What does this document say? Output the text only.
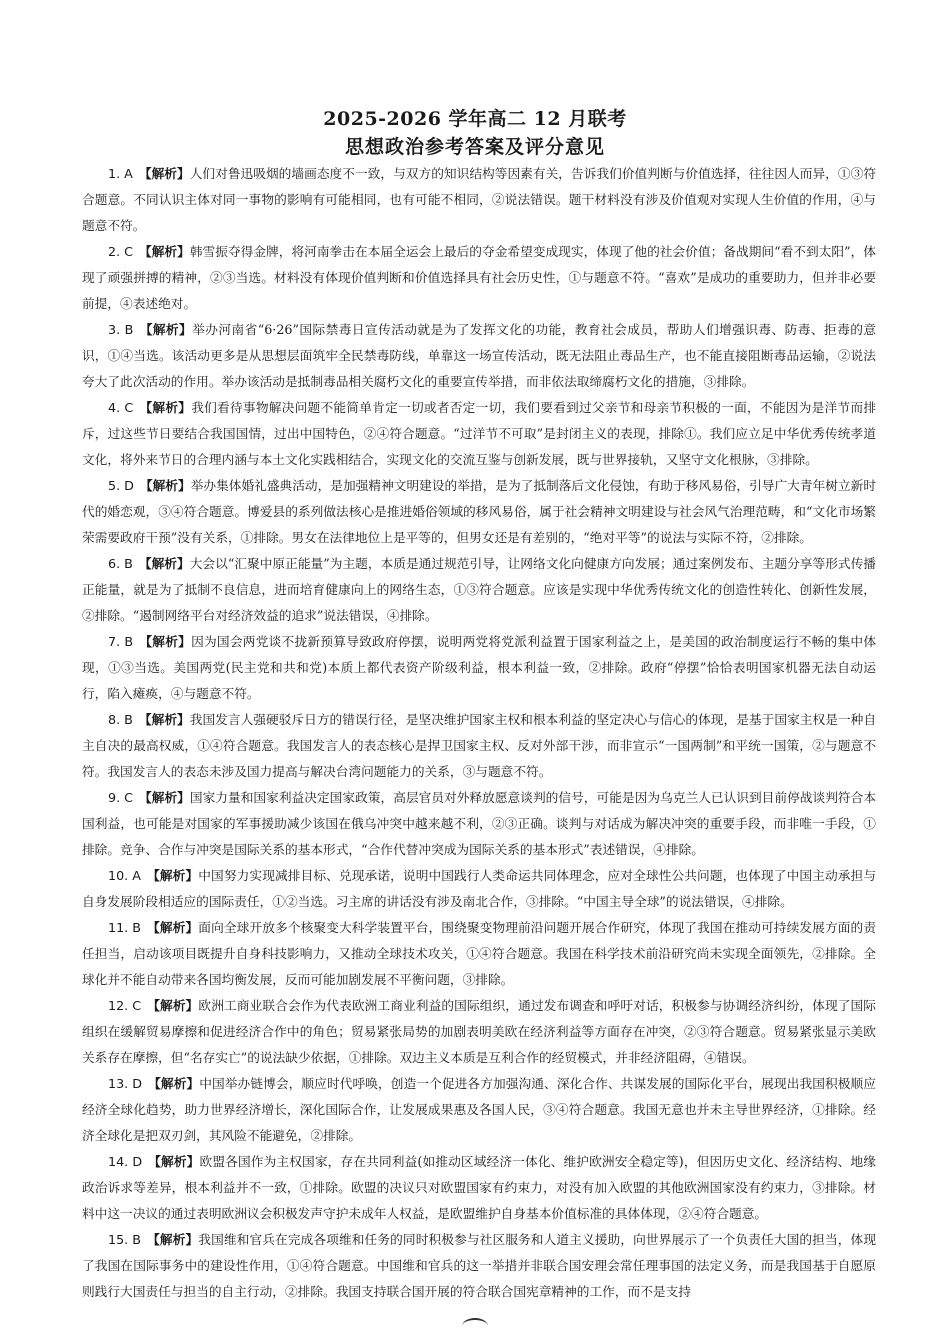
2025-2026 学年高二 12 月联考
思想政治参考答案及评分意见

1. A 【解析】人们对鲁迅吸烟的墙画态度不一致，与双方的知识结构等因素有关，告诉我们价值判断与价值选择，往往因人而异，①③符合题意。不同认识主体对同一事物的影响有可能相同，也有可能不相同，②说法错误。题干材料没有涉及价值观对实现人生价值的作用，④与题意不符。

2. C 【解析】韩雪振夺得金牌，将河南拳击在本届全运会上最后的夺金希望变成现实，体现了他的社会价值；备战期间“看不到太阳”，体现了顽强拼搏的精神，②③当选。材料没有体现价值判断和价值选择具有社会历史性，①与题意不符。“喜欢”是成功的重要助力，但并非必要前提，④表述绝对。

3. B 【解析】举办河南省“6·26”国际禁毒日宣传活动就是为了发挥文化的功能，教育社会成员，帮助人们增强识毒、防毒、拒毒的意识，①④当选。该活动更多是从思想层面筑牢全民禁毒防线，单靠这一场宣传活动，既无法阻止毒品生产，也不能直接阻断毒品运输，②说法夸大了此次活动的作用。举办该活动是抵制毒品相关腐朽文化的重要宣传举措，而非依法取缔腐朽文化的措施，③排除。

4. C 【解析】我们看待事物解决问题不能简单肯定一切或者否定一切，我们要看到过父亲节和母亲节积极的一面，不能因为是洋节而排斥，过这些节日要结合我国国情，过出中国特色，②④符合题意。“过洋节不可取”是封闭主义的表现，排除①。我们应立足中华优秀传统孝道文化，将外来节日的合理内涵与本土文化实践相结合，实现文化的交流互鉴与创新发展，既与世界接轨，又坚守文化根脉，③排除。

5. D 【解析】举办集体婚礼盛典活动，是加强精神文明建设的举措，是为了抵制落后文化侵蚀，有助于移风易俗，引导广大青年树立新时代的婚恋观，③④符合题意。博爱县的系列做法核心是推进婚俗领域的移风易俗，属于社会精神文明建设与社会风气治理范畴，和“文化市场繁荣需要政府干预”没有关系，①排除。男女在法律地位上是平等的，但男女还是有差别的，“绝对平等”的说法与实际不符，②排除。

6. B 【解析】大会以“汇聚中原正能量”为主题，本质是通过规范引导，让网络文化向健康方向发展；通过案例发布、主题分享等形式传播正能量，就是为了抵制不良信息，进而培育健康向上的网络生态，①③符合题意。应该是实现中华优秀传统文化的创造性转化、创新性发展，②排除。“遏制网络平台对经济效益的追求”说法错误，④排除。

7. B 【解析】因为国会两党谈不拢新预算导致政府停摆，说明两党将党派利益置于国家利益之上，是美国的政治制度运行不畅的集中体现，①③当选。美国两党(民主党和共和党)本质上都代表资产阶级利益，根本利益一致，②排除。政府“停摆”恰恰表明国家机器无法自动运行，陷入瘫痪，④与题意不符。

8. B 【解析】我国发言人强硬驳斥日方的错误行径，是坚决维护国家主权和根本利益的坚定决心与信心的体现，是基于国家主权是一种自主自决的最高权威，①④符合题意。我国发言人的表态核心是捍卫国家主权、反对外部干涉，而非宣示“一国两制”和平统一国策，②与题意不符。我国发言人的表态未涉及国力提高与解决台湾问题能力的关系，③与题意不符。

9. C 【解析】国家力量和国家利益决定国家政策，高层官员对外释放愿意谈判的信号，可能是因为乌克兰人已认识到目前停战谈判符合本国利益，也可能是对国家的军事援助减少该国在俄乌冲突中越来越不利，②③正确。谈判与对话成为解决冲突的重要手段，而非唯一手段，①排除。竞争、合作与冲突是国际关系的基本形式，“合作代替冲突成为国际关系的基本形式”表述错误，④排除。

10. A 【解析】中国努力实现减排目标、兑现承诺，说明中国践行人类命运共同体理念，应对全球性公共问题，也体现了中国主动承担与自身发展阶段相适应的国际责任，①②当选。习主席的讲话没有涉及南北合作，③排除。“中国主导全球”的说法错误，④排除。

11. B 【解析】面向全球开放多个核聚变大科学装置平台，围绕聚变物理前沿问题开展合作研究，体现了我国在推动可持续发展方面的责任担当，启动该项目既提升自身科技影响力，又推动全球技术攻关，①④符合题意。我国在科学技术前沿研究尚未实现全面领先，②排除。全球化并不能自动带来各国均衡发展，反而可能加剧发展不平衡问题，③排除。

12. C 【解析】欧洲工商业联合会作为代表欧洲工商业利益的国际组织，通过发布调查和呼吁对话，积极参与协调经济纠纷，体现了国际组织在缓解贸易摩擦和促进经济合作中的角色；贸易紧张局势的加剧表明美欧在经济利益等方面存在冲突，②③符合题意。贸易紧张显示美欧关系存在摩擦，但“名存实亡”的说法缺少依据，①排除。双边主义本质是互利合作的经贸模式，并非经济阻碍，④错误。

13. D 【解析】中国举办链博会，顺应时代呼唤，创造一个促进各方加强沟通、深化合作、共谋发展的国际化平台，展现出我国积极顺应经济全球化趋势，助力世界经济增长，深化国际合作，让发展成果惠及各国人民，③④符合题意。我国无意也并未主导世界经济，①排除。经济全球化是把双刃剑，其风险不能避免，②排除。

14. D 【解析】欧盟各国作为主权国家，存在共同利益(如推动区域经济一体化、维护欧洲安全稳定等)，但因历史文化、经济结构、地缘政治诉求等差异，根本利益并不一致，①排除。欧盟的决议只对欧盟国家有约束力，对没有加入欧盟的其他欧洲国家没有约束力，③排除。材料中这一决议的通过表明欧洲议会积极发声守护未成年人权益，是欧盟维护自身基本价值标准的具体体现，②④符合题意。

15. B 【解析】我国维和官兵在完成各项维和任务的同时积极参与社区服务和人道主义援助，向世界展示了一个负责任大国的担当，体现了我国在国际事务中的建设性作用，①④符合题意。中国维和官兵的这一举措并非联合国安理会常任理事国的法定义务，而是我国基于自愿原则践行大国责任与担当的自主行动，②排除。我国支持联合国开展的符合联合国宪章精神的工作，而不是支持
